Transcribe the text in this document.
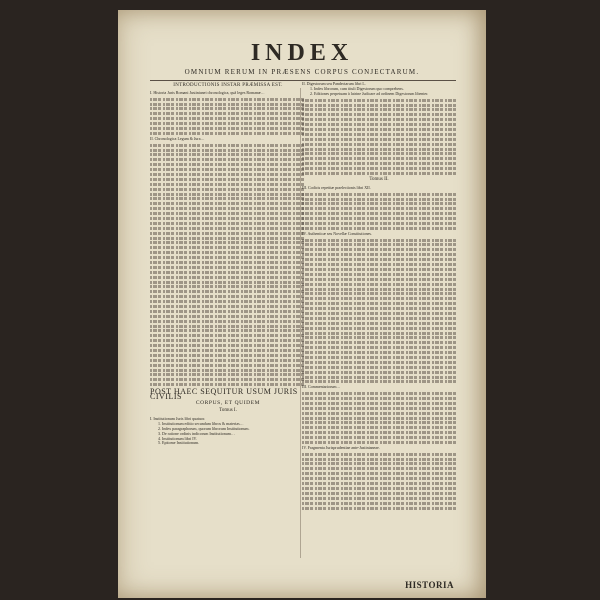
INDEX
OMNIUM RERUM IN PRÆSENS CORPUS CONJECTARUM.

INTRODUCTIONIS INSTAR PRÆMISSA EST.

I. Historia Juris Romani Justinianei chronologica, quâ leges Romanæ…

II. Chronologica Legum & Jura…

POST HAEC SEQUITUR USUM JURIS CIVILIS

CORPUS, ET QUIDEM

Tomus I.

I. Institutionum Juris libri quatuor.

1. Institutionum editio secundum libros & materias…

2. Index paragraphorum, quorum librorum Institutionum.

3. De ratione ordinis indicorum Institutionum…

4. Institutionum libri IV.

5. Epitome Institutionum.

II. Digestorum seu Pandectarum libri L.

1. Index librorum, cum tituli Digestorum quo comprehens.

2. Editiones perpetuam à latrine Judicare ad ordinem Digestorum libenter.

Tomus II.

III. Codicis repetitæ praelectionis libri XII.

IV. Authenticæ seu Novellæ Constitutiones.

III. Commentariorum…

IV. Fragmenta Jurisprudentiae ante-Justinianeae.

HISTORIA
